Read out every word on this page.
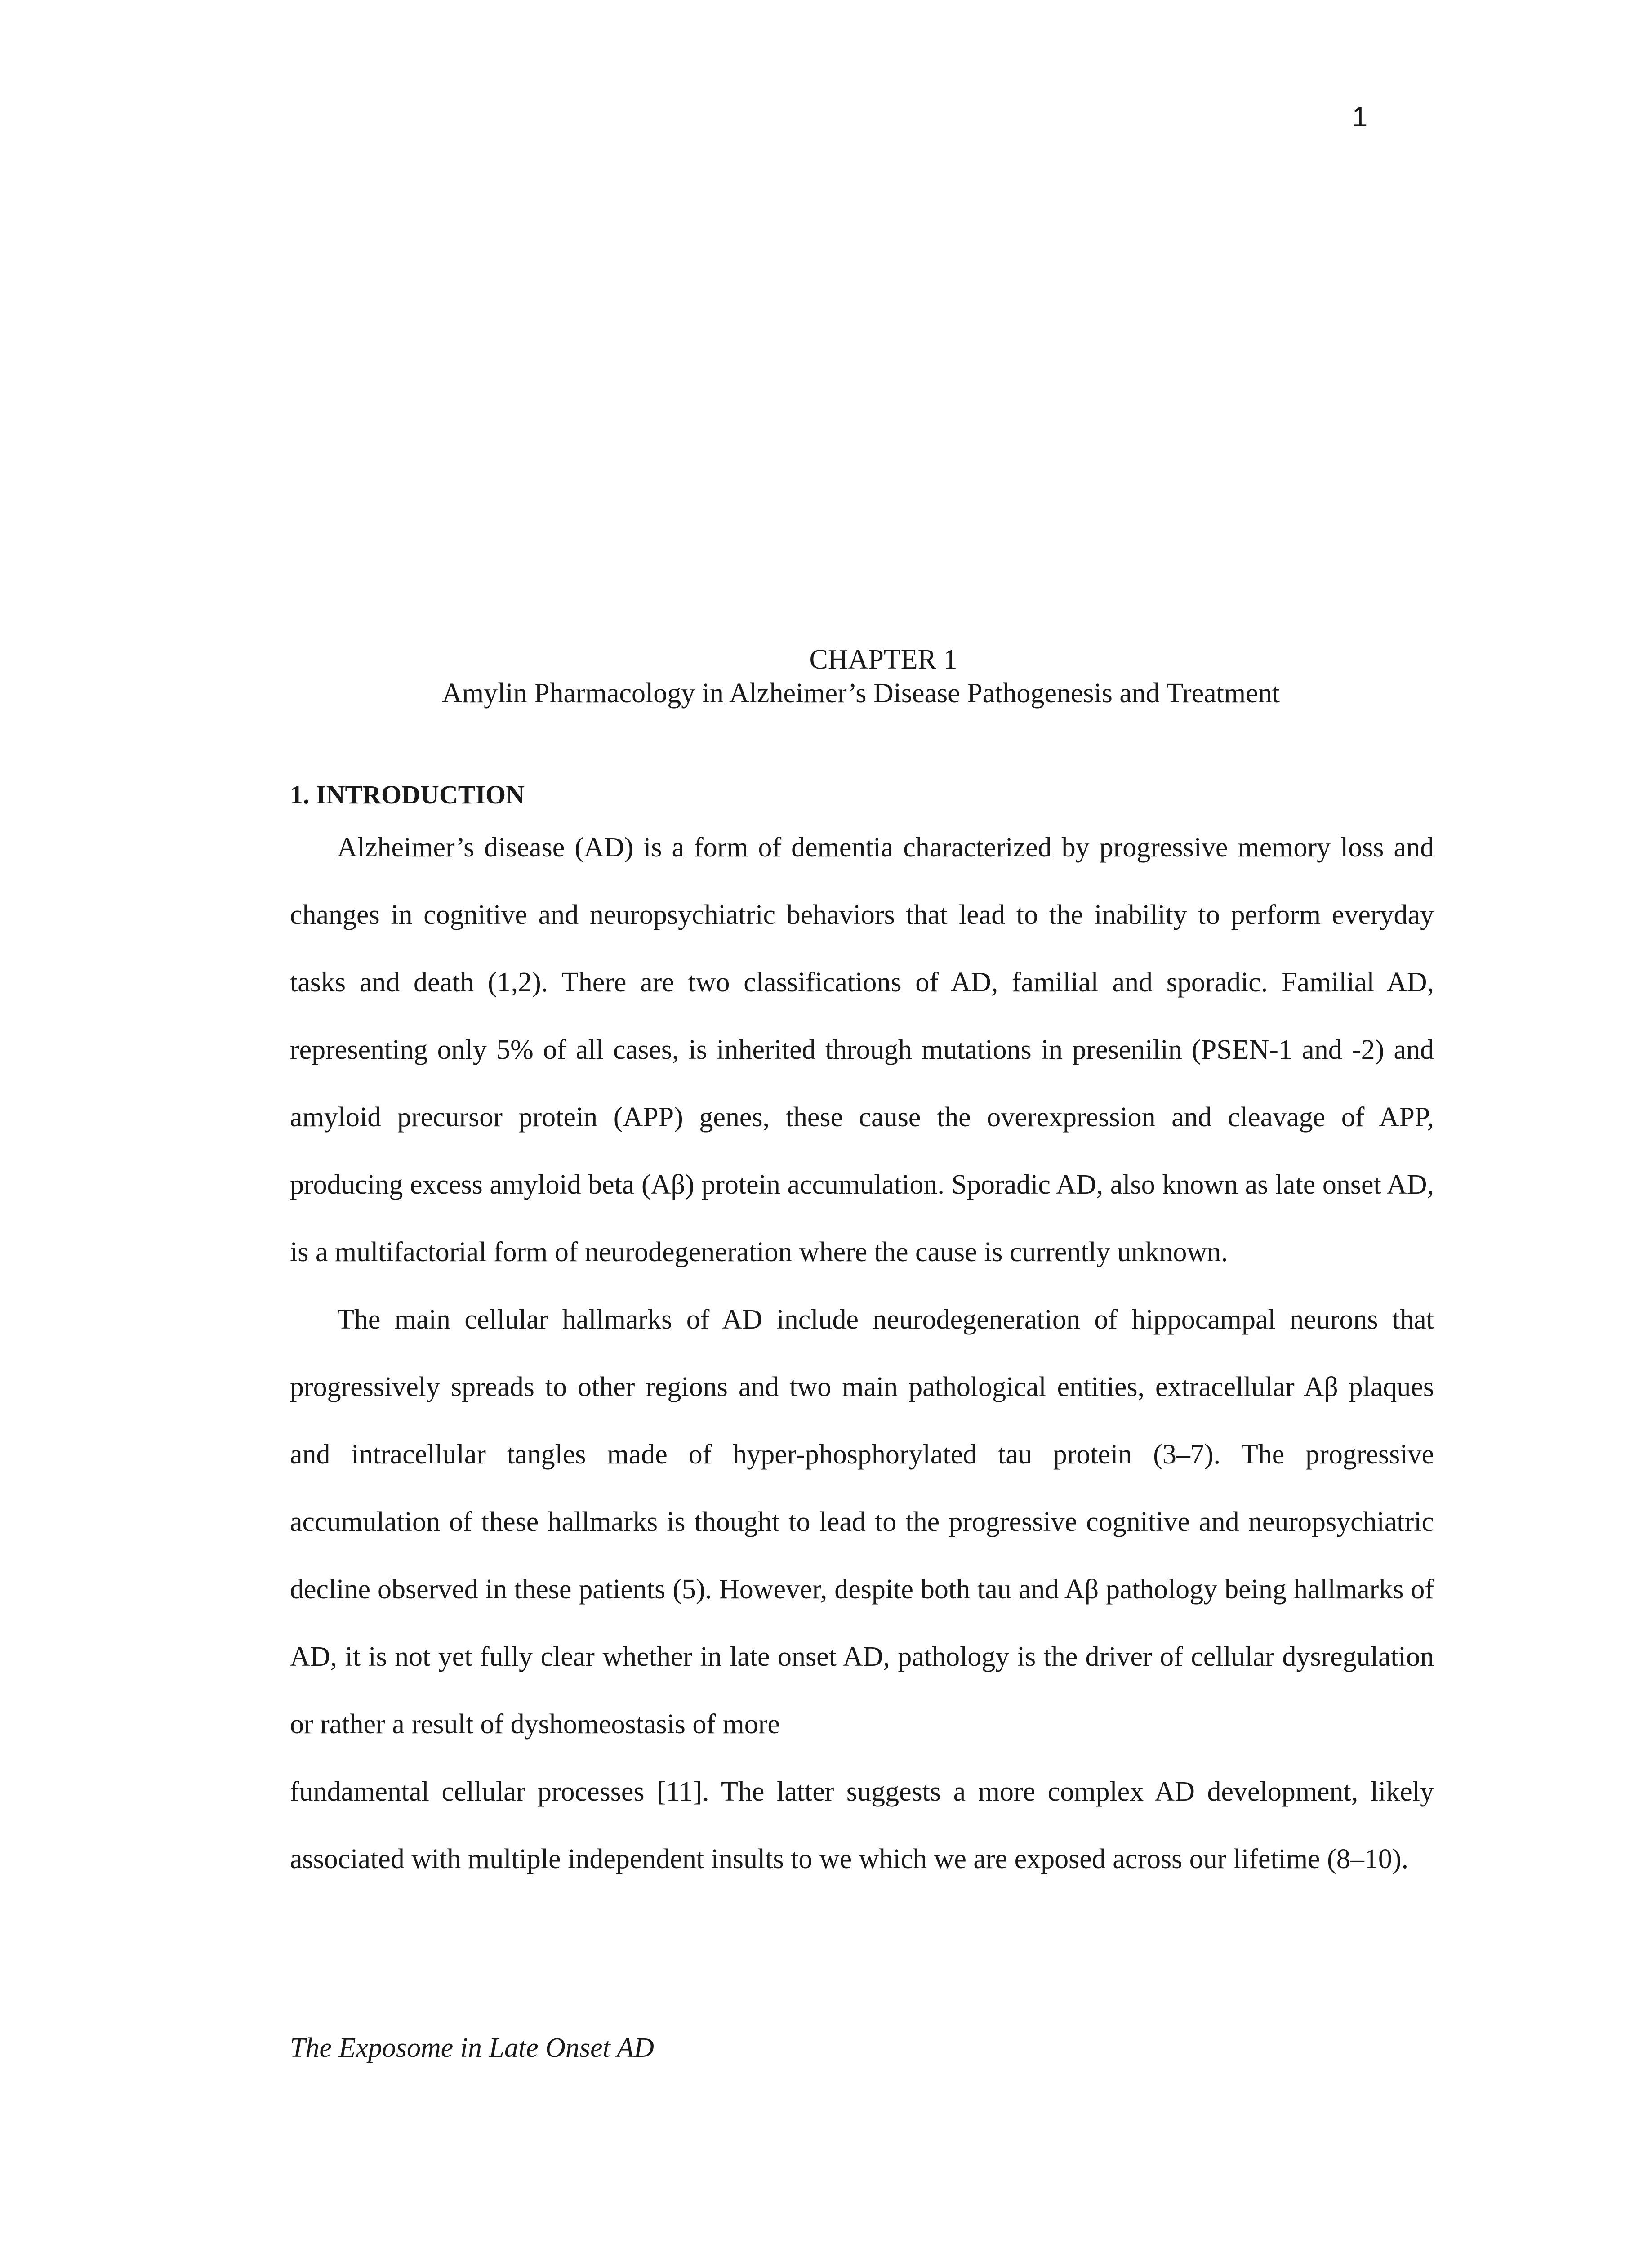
1
CHAPTER 1
Amylin Pharmacology in Alzheimer’s Disease Pathogenesis and Treatment
1. INTRODUCTION

Alzheimer’s disease (AD) is a form of dementia characterized by progressive memory loss and changes in cognitive and neuropsychiatric behaviors that lead to the inability to perform everyday tasks and death (1,2). There are two classifications of AD, familial and sporadic. Familial AD, representing only 5% of all cases, is inherited through mutations in presenilin (PSEN-1 and -2) and amyloid precursor protein (APP) genes, these cause the overexpression and cleavage of APP, producing excess amyloid beta (Aβ) protein accumulation. Sporadic AD, also known as late onset AD, is a multifactorial form of neurodegeneration where the cause is currently unknown.

The main cellular hallmarks of AD include neurodegeneration of hippocampal neurons that progressively spreads to other regions and two main pathological entities, extracellular Aβ plaques and intracellular tangles made of hyper-phosphorylated tau protein (3–7). The progressive accumulation of these hallmarks is thought to lead to the progressive cognitive and neuropsychiatric decline observed in these patients (5). However, despite both tau and Aβ pathology being hallmarks of AD, it is not yet fully clear whether in late onset AD, pathology is the driver of cellular dysregulation or rather a result of dyshomeostasis of more
fundamental cellular processes [11]. The latter suggests a more complex AD development, likely associated with multiple independent insults to we which we are exposed across our lifetime (8–10).

The Exposome in Late Onset AD
